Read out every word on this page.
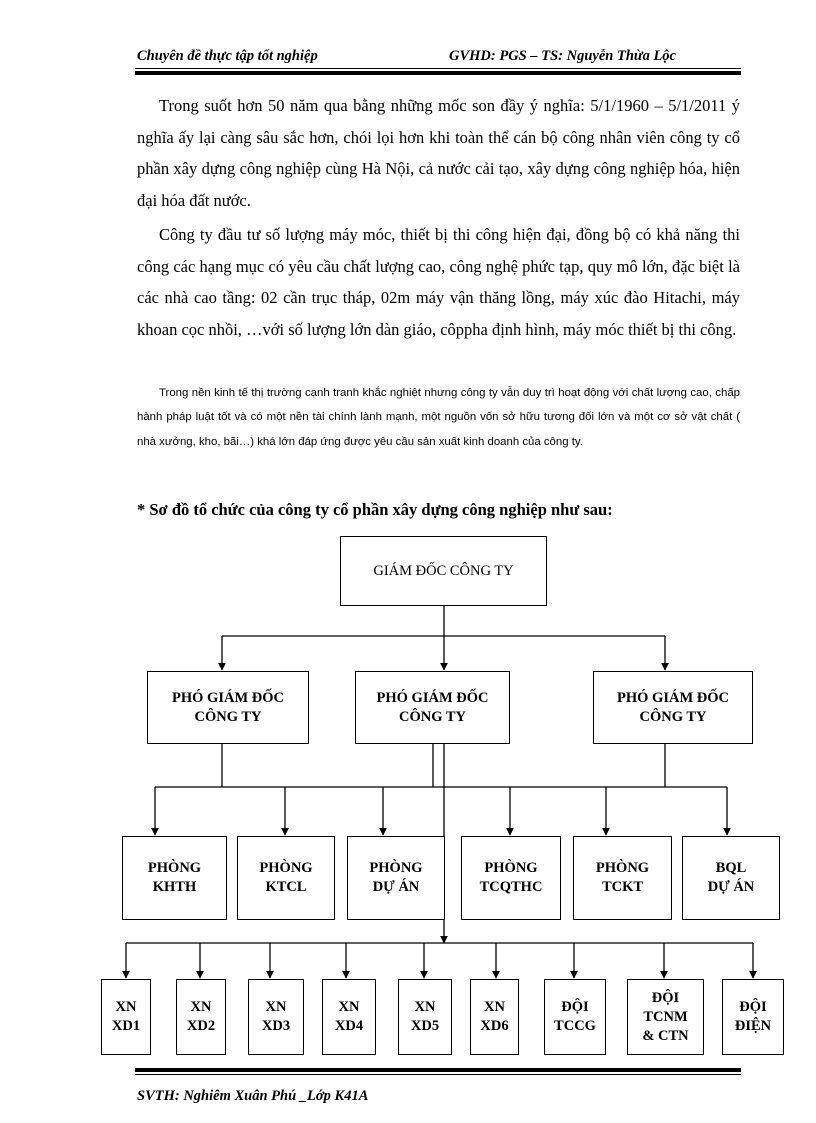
Chuyên đề thực tập tốt nghiệp	GVHD: PGS – TS: Nguyễn Thừa Lộc

Trong suốt hơn 50 năm qua bằng những mốc son đầy ý nghĩa: 5/1/1960 – 5/1/2011 ý nghĩa ấy lại càng sâu sắc hơn, chói lọi hơn khi toàn thể cán bộ công nhân viên công ty cổ phần xây dựng công nghiệp cùng Hà Nội, cả nước cải tạo, xây dựng công nghiệp hóa, hiện đại hóa đất nước.

Công ty đầu tư số lượng máy móc, thiết bị thi công hiện đại, đồng bộ có khả năng thi công các hạng mục có yêu cầu chất lượng cao, công nghệ phức tạp, quy mô lớn, đặc biệt là các nhà cao tầng: 02 cần trục tháp, 02m máy vận thăng lồng, máy xúc đào Hitachi, máy khoan cọc nhồi, …với số lượng lớn dàn giáo, côppha định hình, máy móc thiết bị thi công.

Trong nền kinh tế thị trường cạnh tranh khắc nghiệt nhưng công ty vẫn duy trì hoạt động với chất lượng cao, chấp hành pháp luật tốt và có một nền tài chính lành mạnh, một nguồn vốn sở hữu tương đối lớn và một cơ sở vật chất ( nhà xưởng, kho, bãi…) khá lớn đáp ứng được yêu cầu sản xuất kinh doanh của công ty.

* Sơ đồ tổ chức của công ty cổ phần xây dựng công nghiệp như sau:
GIÁM ĐỐC CÔNG TY
PHÓ GIÁM ĐỐC
CÔNG TY
PHÓ GIÁM ĐỐC
CÔNG TY
PHÓ GIÁM ĐỐC
CÔNG TY
PHÒNG
KHTH
PHÒNG
KTCL
PHÒNG
DỰ ÁN
PHÒNG
TCQTHC
PHÒNG
TCKT
BQL
DỰ ÁN
XN
XD1
XN
XD2
XN
XD3
XN
XD4
XN
XD5
XN
XD6
ĐỘI
TCCG
ĐỘI
TCNM
& CTN
ĐỘI
ĐIỆN
SVTH: Nghiêm Xuân Phú _Lớp K41A
